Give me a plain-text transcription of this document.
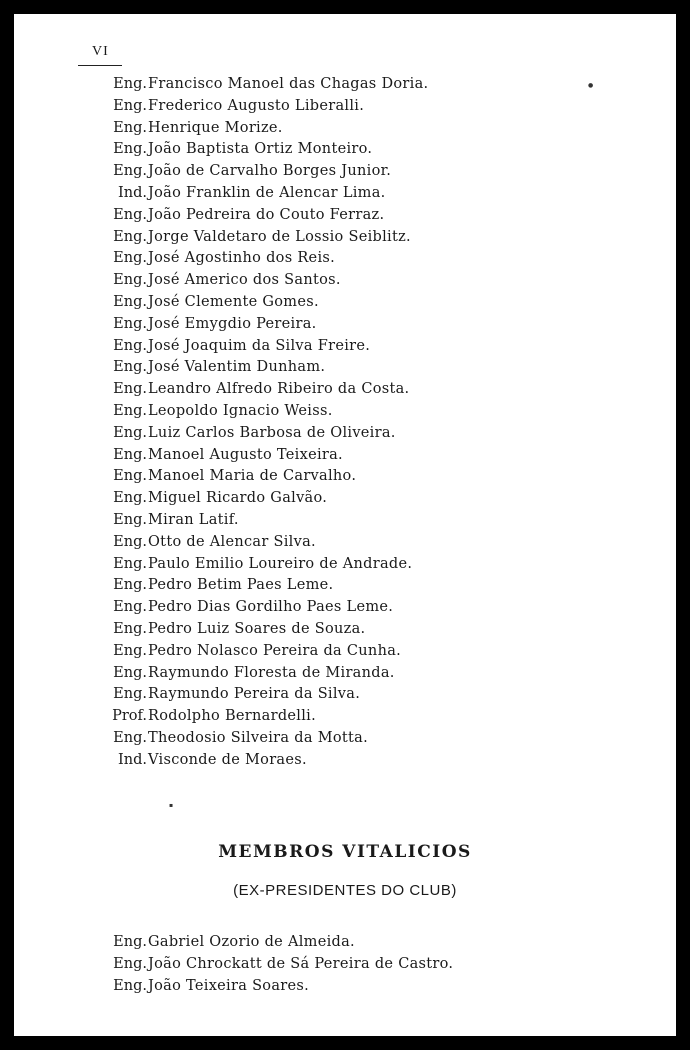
VI
Eng. Francisco Manoel das Chagas Doria.
Eng. Frederico Augusto Liberalli.
Eng. Henrique Morize.
Eng. João Baptista Ortiz Monteiro.
Eng. João de Carvalho Borges Junior.
Ind. João Franklin de Alencar Lima.
Eng. João Pedreira do Couto Ferraz.
Eng. Jorge Valdetaro de Lossio Seiblitz.
Eng. José Agostinho dos Reis.
Eng. José Americo dos Santos.
Eng. José Clemente Gomes.
Eng. José Emygdio Pereira.
Eng. José Joaquim da Silva Freire.
Eng. José Valentim Dunham.
Eng. Leandro Alfredo Ribeiro da Costa.
Eng. Leopoldo Ignacio Weiss.
Eng. Luiz Carlos Barbosa de Oliveira.
Eng. Manoel Augusto Teixeira.
Eng. Manoel Maria de Carvalho.
Eng. Miguel Ricardo Galvão.
Eng. Miran Latif.
Eng. Otto de Alencar Silva.
Eng. Paulo Emilio Loureiro de Andrade.
Eng. Pedro Betim Paes Leme.
Eng. Pedro Dias Gordilho Paes Leme.
Eng. Pedro Luiz Soares de Souza.
Eng. Pedro Nolasco Pereira da Cunha.
Eng. Raymundo Floresta de Miranda.
Eng. Raymundo Pereira da Silva.
Prof. Rodolpho Bernardelli.
Eng. Theodosio Silveira da Motta.
Ind. Visconde de Moraes.
MEMBROS VITALICIOS
(EX-PRESIDENTES DO CLUB)
Eng. Gabriel Ozorio de Almeida.
Eng. João Chrockatt de Sá Pereira de Castro.
Eng. João Teixeira Soares.
●
▪
